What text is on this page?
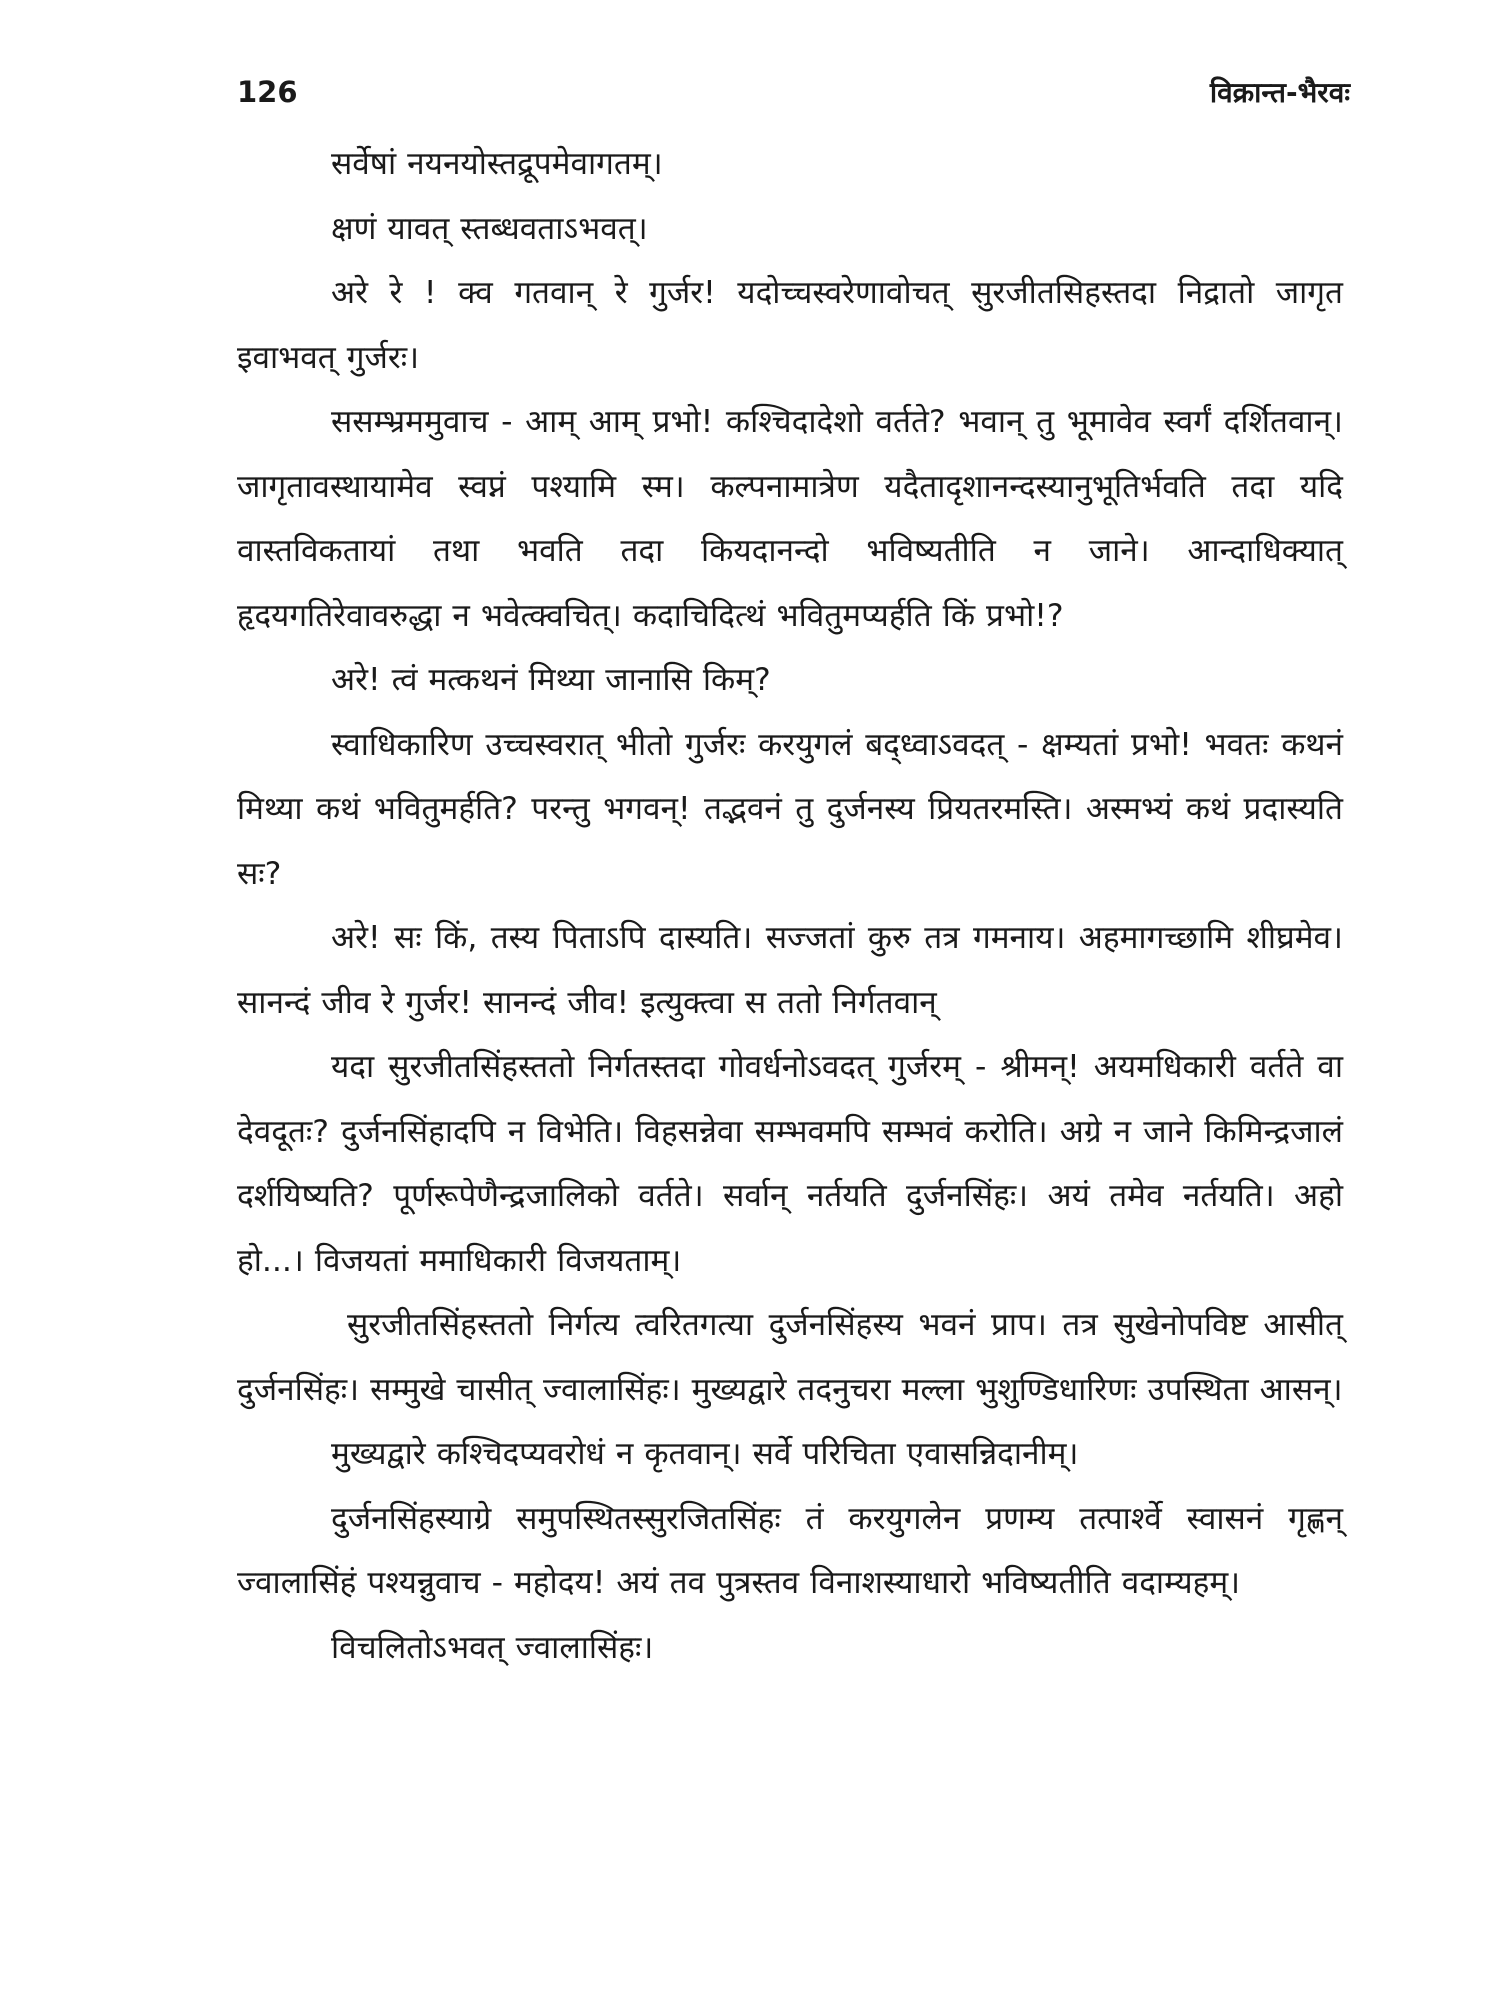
126	विक्रान्त-भैरवः

सर्वेषां नयनयोस्तद्रूपमेवागतम्।

क्षणं यावत् स्तब्धवताऽभवत्।

अरे रे ! क्व गतवान् रे गुर्जर! यदोच्चस्वरेणावोचत् सुरजीतसिहस्तदा निद्रातो जागृत इवाभवत् गुर्जरः।

ससम्भ्रममुवाच - आम् आम् प्रभो! कश्चिदादेशो वर्तते? भवान् तु भूमावेव स्वर्गं दर्शितवान्। जागृतावस्थायामेव स्वप्नं पश्यामि स्म। कल्पनामात्रेण यदैतादृशानन्दस्यानुभूतिर्भवति तदा यदि वास्तविकतायां तथा भवति तदा कियदानन्दो भविष्यतीति न जाने। आन्दाधिक्यात् हृदयगतिरेवावरुद्धा न भवेत्क्वचित्। कदाचिदित्थं भवितुमप्यर्हति किं प्रभो!?

अरे! त्वं मत्कथनं मिथ्या जानासि किम्?

स्वाधिकारिण उच्चस्वरात् भीतो गुर्जरः करयुगलं बद्ध्वाऽवदत् - क्षम्यतां प्रभो! भवतः कथनं मिथ्या कथं भवितुमर्हति? परन्तु भगवन्! तद्भवनं तु दुर्जनस्य प्रियतरमस्ति। अस्मभ्यं कथं प्रदास्यति सः?

अरे! सः किं, तस्य पिताऽपि दास्यति। सज्जतां कुरु तत्र गमनाय। अहमागच्छामि शीघ्रमेव। सानन्दं जीव रे गुर्जर! सानन्दं जीव! इत्युक्त्वा स ततो निर्गतवान्

यदा सुरजीतसिंहस्ततो निर्गतस्तदा गोवर्धनोऽवदत् गुर्जरम् - श्रीमन्! अयमधिकारी वर्तते वा देवदूतः? दुर्जनसिंहादपि न विभेति। विहसन्नेवा सम्भवमपि सम्भवं करोति। अग्रे न जाने किमिन्द्रजालं दर्शयिष्यति? पूर्णरूपेणैन्द्रजालिको वर्तते। सर्वान् नर्तयति दुर्जनसिंहः। अयं तमेव नर्तयति। अहो हो...। विजयतां ममाधिकारी विजयताम्।

सुरजीतसिंहस्ततो निर्गत्य त्वरितगत्या दुर्जनसिंहस्य भवनं प्राप। तत्र सुखेनोपविष्ट आसीत् दुर्जनसिंहः। सम्मुखे चासीत् ज्वालासिंहः। मुख्यद्वारे तदनुचरा मल्ला भुशुण्डिधारिणः उपस्थिता आसन्।

मुख्यद्वारे कश्चिदप्यवरोधं न कृतवान्। सर्वे परिचिता एवासन्निदानीम्।

दुर्जनसिंहस्याग्रे समुपस्थितस्सुरजितसिंहः तं करयुगलेन प्रणम्य तत्पार्श्वे स्वासनं गृह्णन् ज्वालासिंहं पश्यन्नुवाच - महोदय! अयं तव पुत्रस्तव विनाशस्याधारो भविष्यतीति वदाम्यहम्।

विचलितोऽभवत् ज्वालासिंहः।
